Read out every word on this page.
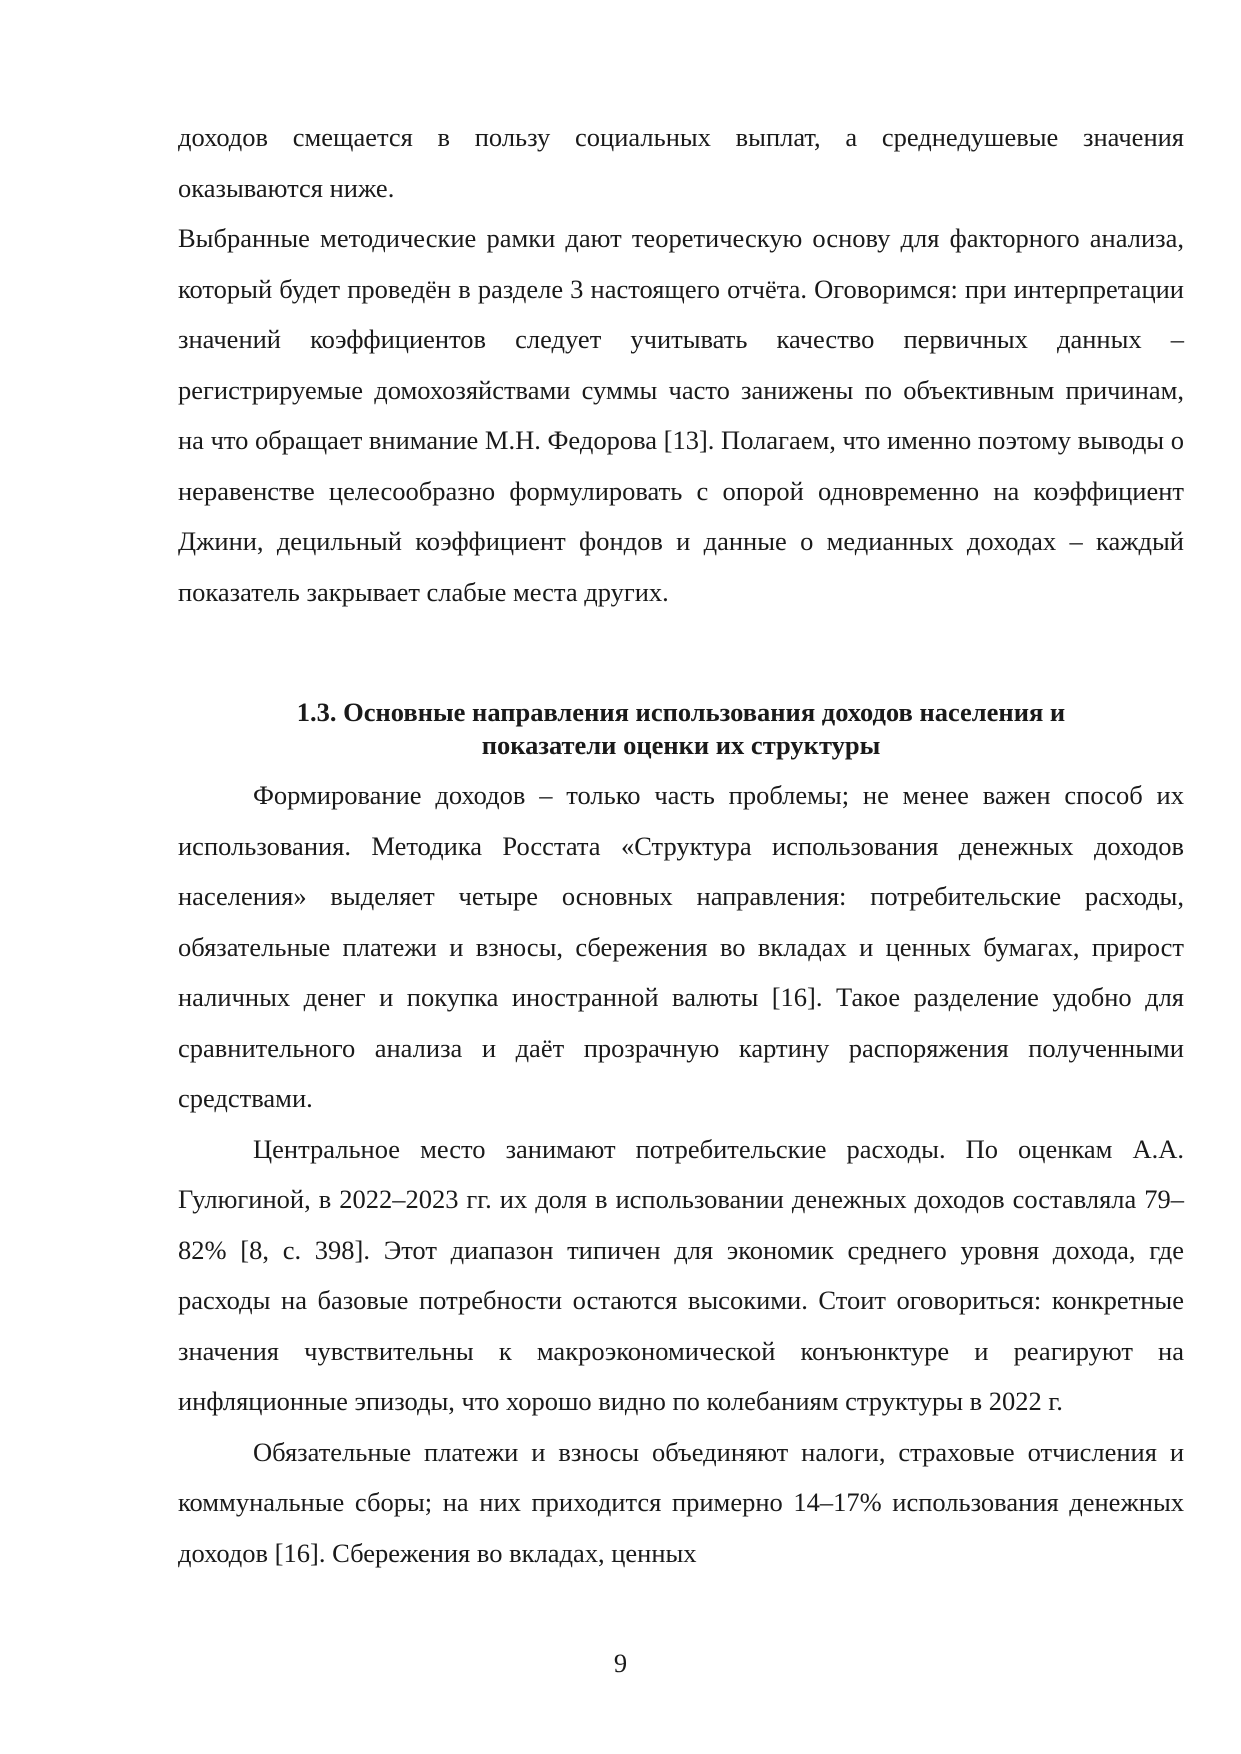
доходов смещается в пользу социальных выплат, а среднедушевые значения оказываются ниже.

Выбранные методические рамки дают теоретическую основу для факторного анализа, который будет проведён в разделе 3 настоящего отчёта. Оговоримся: при интерпретации значений коэффициентов следует учитывать качество первичных данных – регистрируемые домохозяйствами суммы часто занижены по объективным причинам, на что обращает внимание М.Н. Федорова [13]. Полагаем, что именно поэтому выводы о неравенстве целесообразно формулировать с опорой одновременно на коэффициент Джини, децильный коэффициент фондов и данные о медианных доходах – каждый показатель закрывает слабые места других.

1.3. Основные направления использования доходов населения и
показатели оценки их структуры

Формирование доходов – только часть проблемы; не менее важен способ их использования. Методика Росстата «Структура использования денежных доходов населения» выделяет четыре основных направления: потребительские расходы, обязательные платежи и взносы, сбережения во вкладах и ценных бумагах, прирост наличных денег и покупка иностранной валюты [16]. Такое разделение удобно для сравнительного анализа и даёт прозрачную картину распоряжения полученными средствами.

Центральное место занимают потребительские расходы. По оценкам А.А. Гулюгиной, в 2022–2023 гг. их доля в использовании денежных доходов составляла 79–82% [8, с. 398]. Этот диапазон типичен для экономик среднего уровня дохода, где расходы на базовые потребности остаются высокими. Стоит оговориться: конкретные значения чувствительны к макроэкономической конъюнктуре и реагируют на инфляционные эпизоды, что хорошо видно по колебаниям структуры в 2022 г.

Обязательные платежи и взносы объединяют налоги, страховые отчисления и коммунальные сборы; на них приходится примерно 14–17% использования денежных доходов [16]. Сбережения во вкладах, ценных

9
